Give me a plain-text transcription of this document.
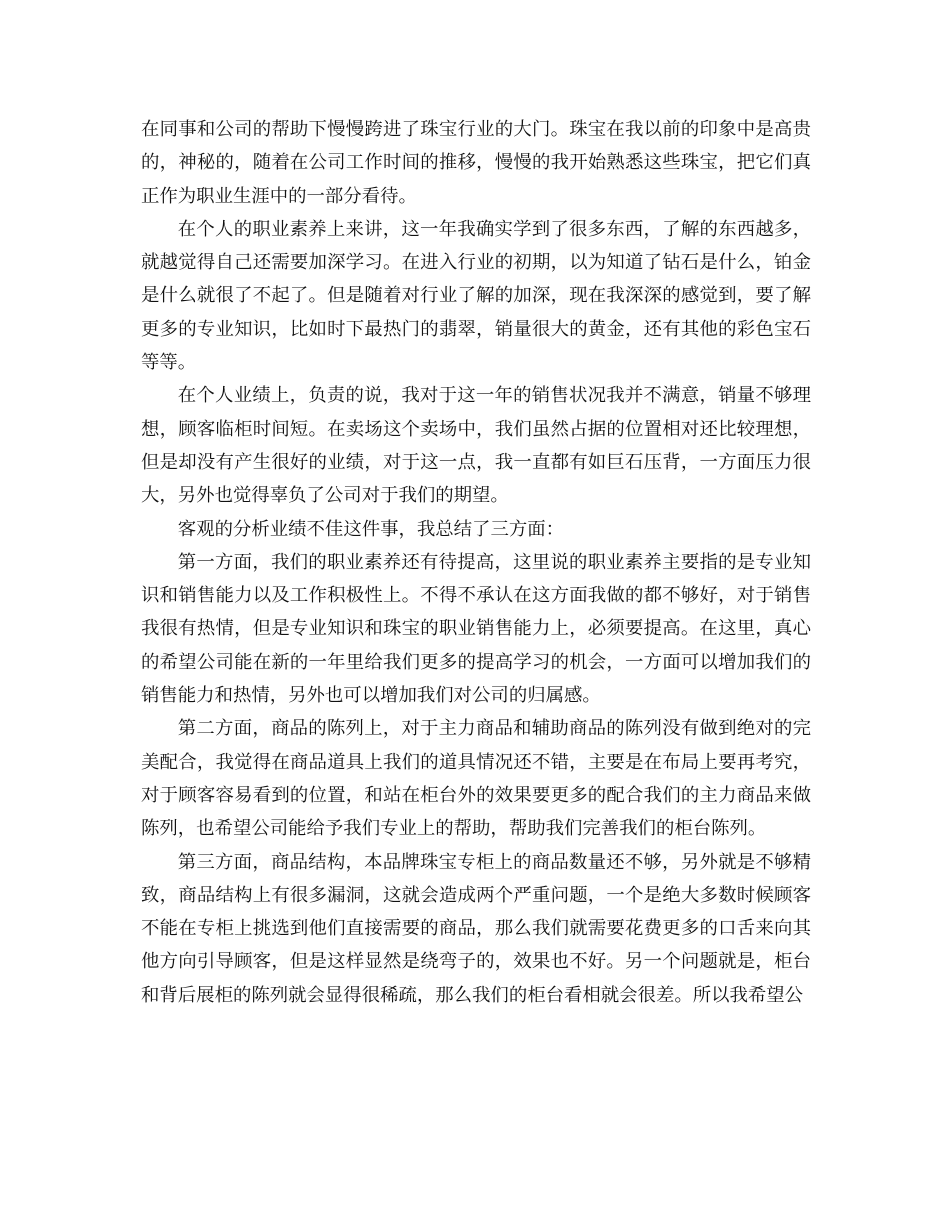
在同事和公司的帮助下慢慢跨进了珠宝行业的大门。珠宝在我以前的印象中是高贵的，神秘的，随着在公司工作时间的推移，慢慢的我开始熟悉这些珠宝，把它们真正作为职业生涯中的一部分看待。

在个人的职业素养上来讲，这一年我确实学到了很多东西，了解的东西越多，就越觉得自己还需要加深学习。在进入行业的初期，以为知道了钻石是什么，铂金是什么就很了不起了。但是随着对行业了解的加深，现在我深深的感觉到，要了解更多的专业知识，比如时下最热门的翡翠，销量很大的黄金，还有其他的彩色宝石等等。

在个人业绩上，负责的说，我对于这一年的销售状况我并不满意，销量不够理想，顾客临柜时间短。在卖场这个卖场中，我们虽然占据的位置相对还比较理想，但是却没有产生很好的业绩，对于这一点，我一直都有如巨石压背，一方面压力很大，另外也觉得辜负了公司对于我们的期望。

客观的分析业绩不佳这件事，我总结了三方面：

第一方面，我们的职业素养还有待提高，这里说的职业素养主要指的是专业知识和销售能力以及工作积极性上。不得不承认在这方面我做的都不够好，对于销售我很有热情，但是专业知识和珠宝的职业销售能力上，必须要提高。在这里，真心的希望公司能在新的一年里给我们更多的提高学习的机会，一方面可以增加我们的销售能力和热情，另外也可以增加我们对公司的归属感。

第二方面，商品的陈列上，对于主力商品和辅助商品的陈列没有做到绝对的完美配合，我觉得在商品道具上我们的道具情况还不错，主要是在布局上要再考究，对于顾客容易看到的位置，和站在柜台外的效果要更多的配合我们的主力商品来做陈列，也希望公司能给予我们专业上的帮助，帮助我们完善我们的柜台陈列。

第三方面，商品结构，本品牌珠宝专柜上的商品数量还不够，另外就是不够精致，商品结构上有很多漏洞，这就会造成两个严重问题，一个是绝大多数时候顾客不能在专柜上挑选到他们直接需要的商品，那么我们就需要花费更多的口舌来向其他方向引导顾客，但是这样显然是绕弯子的，效果也不好。另一个问题就是，柜台和背后展柜的陈列就会显得很稀疏，那么我们的柜台看相就会很差。所以我希望公
